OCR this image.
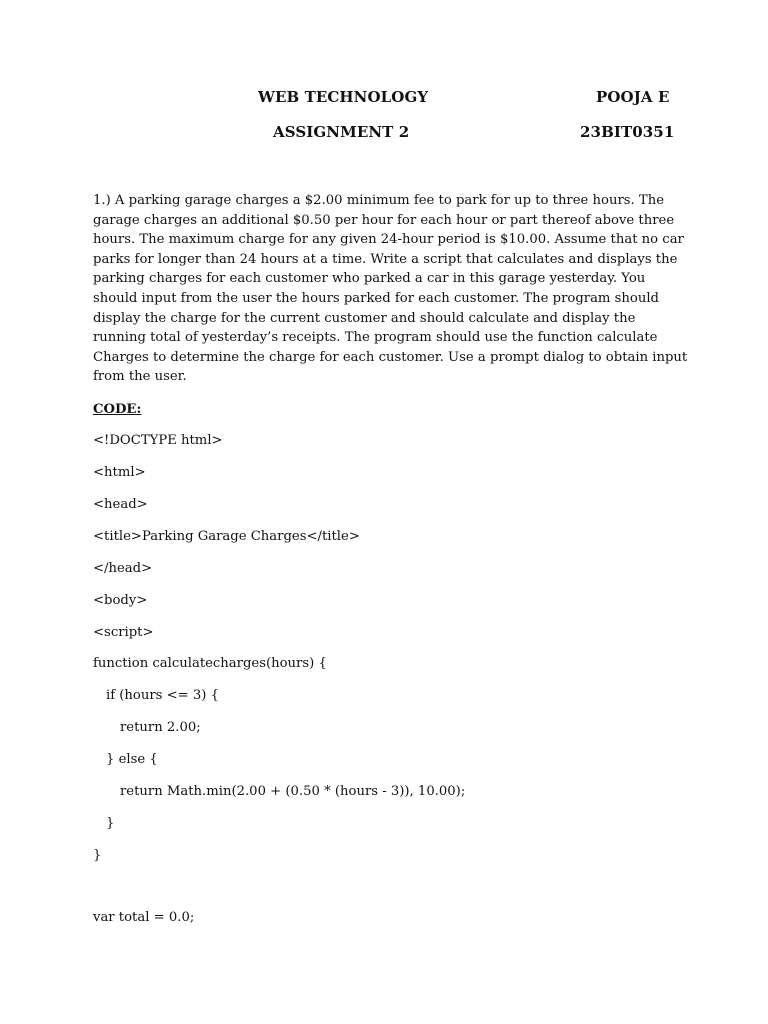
WEB TECHNOLOGY	POOJA E
ASSIGNMENT 2	23BIT0351

1.) A parking garage charges a $2.00 minimum fee to park for up to three hours. The
garage charges an additional $0.50 per hour for each hour or part thereof above three
hours. The maximum charge for any given 24-hour period is $10.00. Assume that no car
parks for longer than 24 hours at a time. Write a script that calculates and displays the
parking charges for each customer who parked a car in this garage yesterday. You
should input from the user the hours parked for each customer. The program should
display the charge for the current customer and should calculate and display the
running total of yesterday’s receipts. The program should use the function calculate
Charges to determine the charge for each customer. Use a prompt dialog to obtain input
from the user.

CODE:

<!DOCTYPE html>

<html>

<head>

<title>Parking Garage Charges</title>

</head>

<body>

<script>

function calculatecharges(hours) {

if (hours <= 3) {

return 2.00;

} else {

return Math.min(2.00 + (0.50 * (hours - 3)), 10.00);

}

}

var total = 0.0;
